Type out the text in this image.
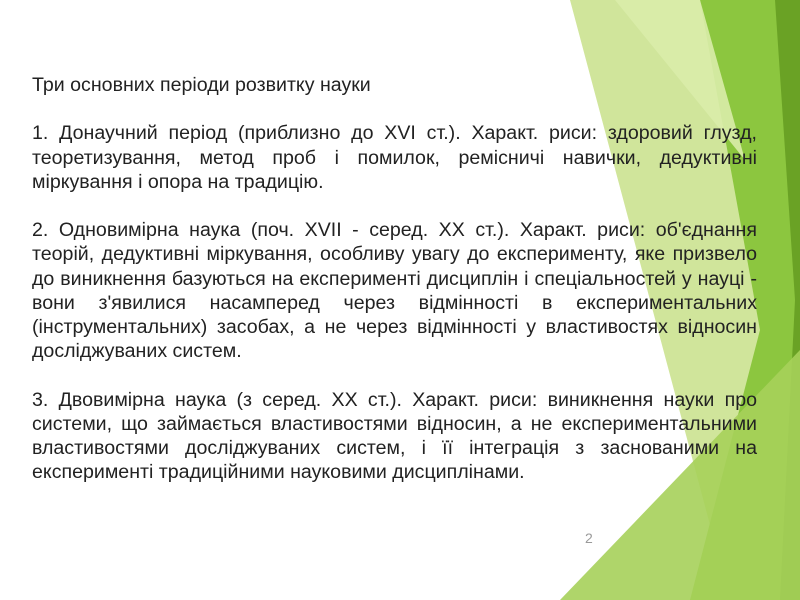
Три основних періоди розвитку науки
1. Донаучний період (приблизно до XVI ст.). Характ. риси: здоровий глузд, теоретизування, метод проб і помилок, ремісничі навички, дедуктивні міркування і опора на традицію.
2. Одновимірна наука (поч. XVII - серед. XX ст.). Характ. риси: об'єднання теорій, дедуктивні міркування, особливу увагу до експерименту, яке призвело до виникнення базуються на експерименті дисциплін і спеціальностей у науці - вони з'явилися насамперед через відмінності в експериментальних (інструментальних) засобах, а не через відмінності у властивостях відносин досліджуваних систем.
3. Двовимірна наука (з серед. XX ст.). Характ. риси: виникнення науки про системи, що займається властивостями відносин, а не експериментальними властивостями досліджуваних систем, і її інтеграція з заснованими на експерименті традиційними науковими дисциплінами.
2
